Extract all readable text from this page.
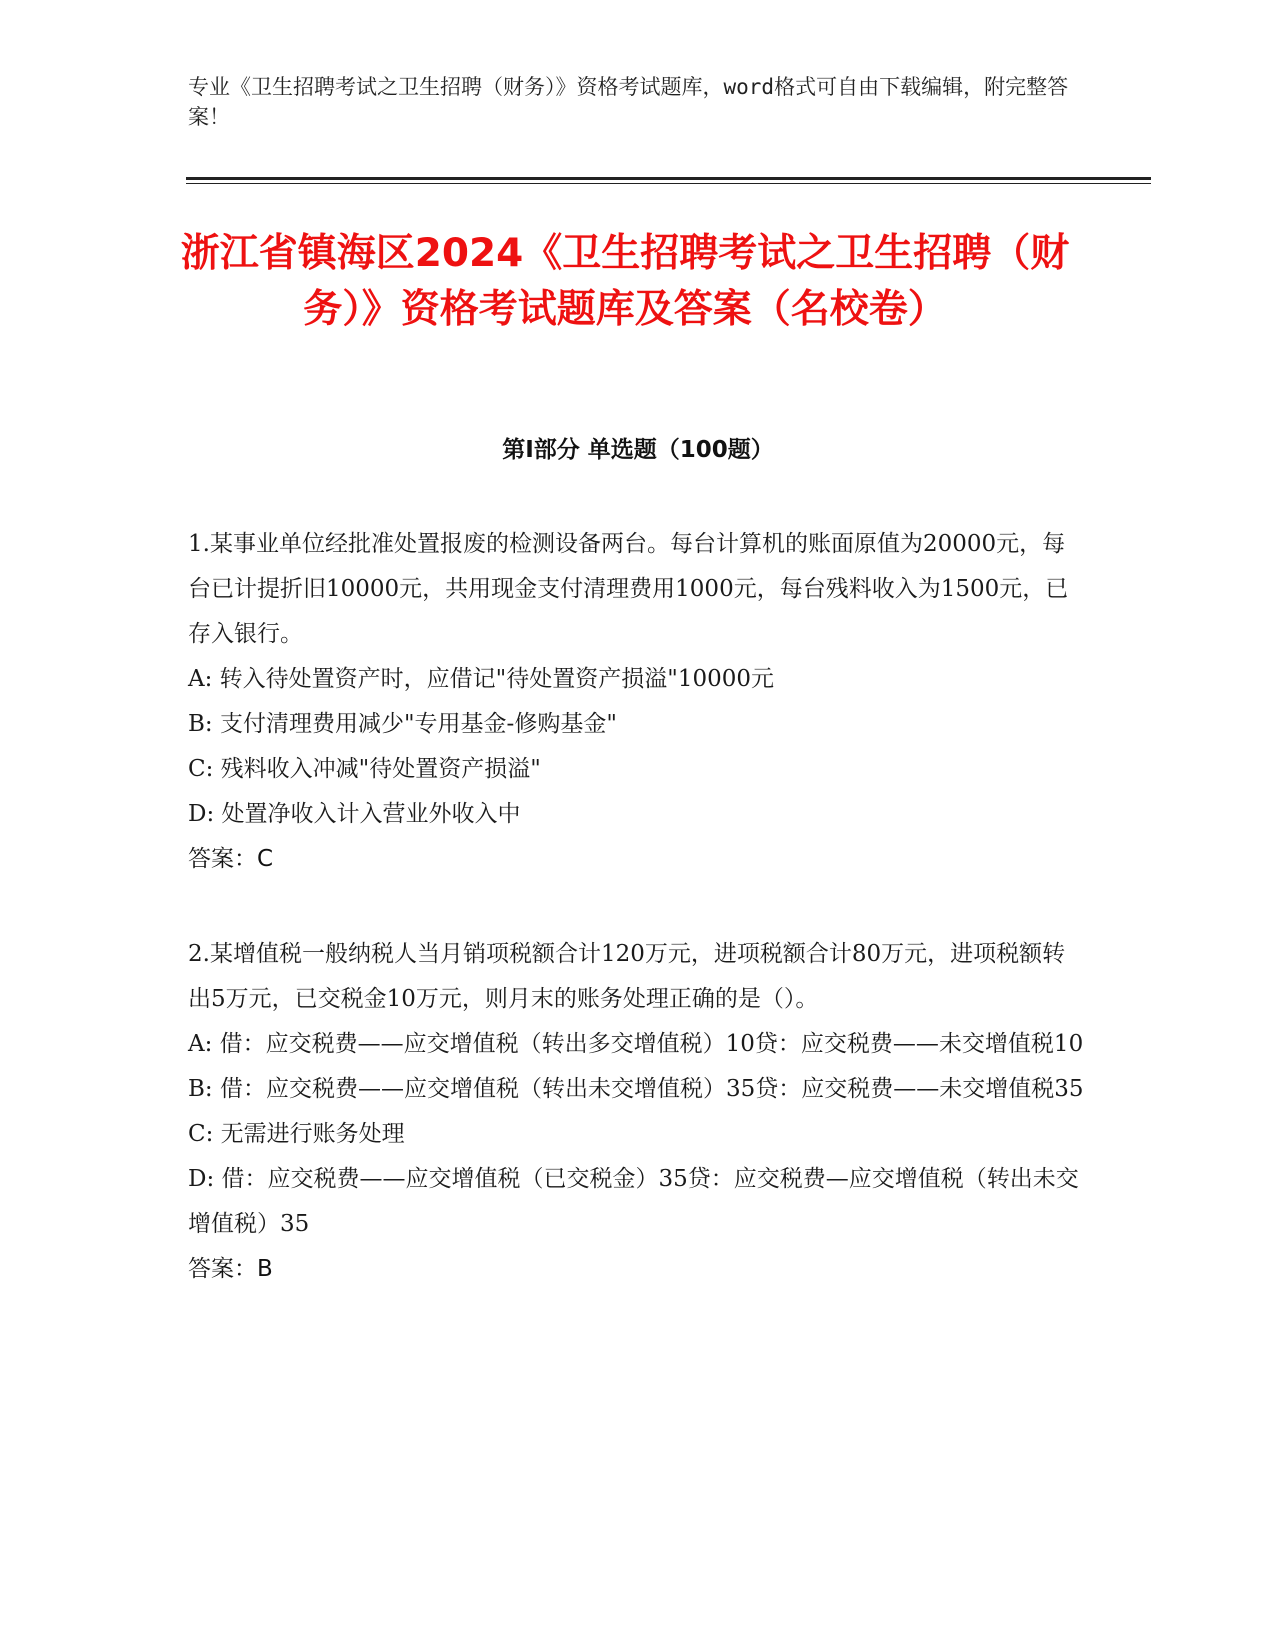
专业《卫生招聘考试之卫生招聘（财务）》资格考试题库，word格式可自由下载编辑，附完整答案！
浙江省镇海区2024《卫生招聘考试之卫生招聘（财务）》资格考试题库及答案（名校卷）
第I部分 单选题（100题）

1.某事业单位经批准处置报废的检测设备两台。每台计算机的账面原值为20000元，每台已计提折旧10000元，共用现金支付清理费用1000元，每台残料收入为1500元，已存入银行。

A: 转入待处置资产时，应借记"待处置资产损溢"10000元

B: 支付清理费用减少"专用基金-修购基金"

C: 残料收入冲减"待处置资产损溢"

D: 处置净收入计入营业外收入中

答案：C

2.某增值税一般纳税人当月销项税额合计120万元，进项税额合计80万元，进项税额转出5万元，已交税金10万元，则月末的账务处理正确的是（）。

A: 借：应交税费——应交增值税（转出多交增值税）10贷：应交税费——未交增值税10

B: 借：应交税费——应交增值税（转出未交增值税）35贷：应交税费——未交增值税35

C: 无需进行账务处理

D: 借：应交税费——应交增值税（已交税金）35贷：应交税费—应交增值税（转出未交增值税）35

答案：B
